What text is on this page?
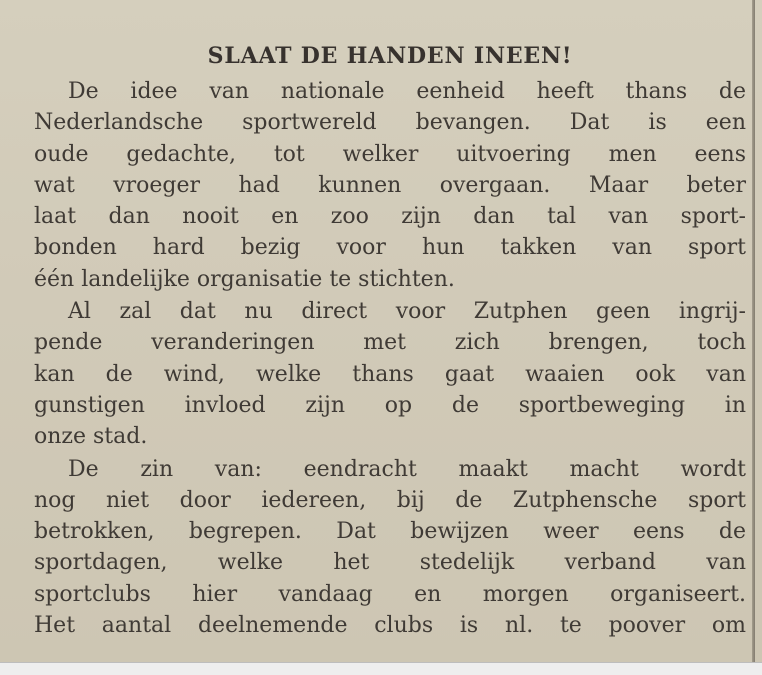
SLAAT DE HANDEN INEEN!

De idee van nationale eenheid heeft thans de
Nederlandsche sportwereld bevangen. Dat is een
oude gedachte, tot welker uitvoering men eens
wat vroeger had kunnen overgaan. Maar beter
laat dan nooit en zoo zijn dan tal van sport-
bonden hard bezig voor hun takken van sport
één landelijke organisatie te stichten.

Al zal dat nu direct voor Zutphen geen ingrij-
pende veranderingen met zich brengen, toch
kan de wind, welke thans gaat waaien ook van
gunstigen invloed zijn op de sportbeweging in
onze stad.

De zin van: eendracht maakt macht wordt
nog niet door iedereen, bij de Zutphensche sport
betrokken, begrepen. Dat bewijzen weer eens de
sportdagen, welke het stedelijk verband van
sportclubs hier vandaag en morgen organiseert.
Het aantal deelnemende clubs is nl. te poover om
